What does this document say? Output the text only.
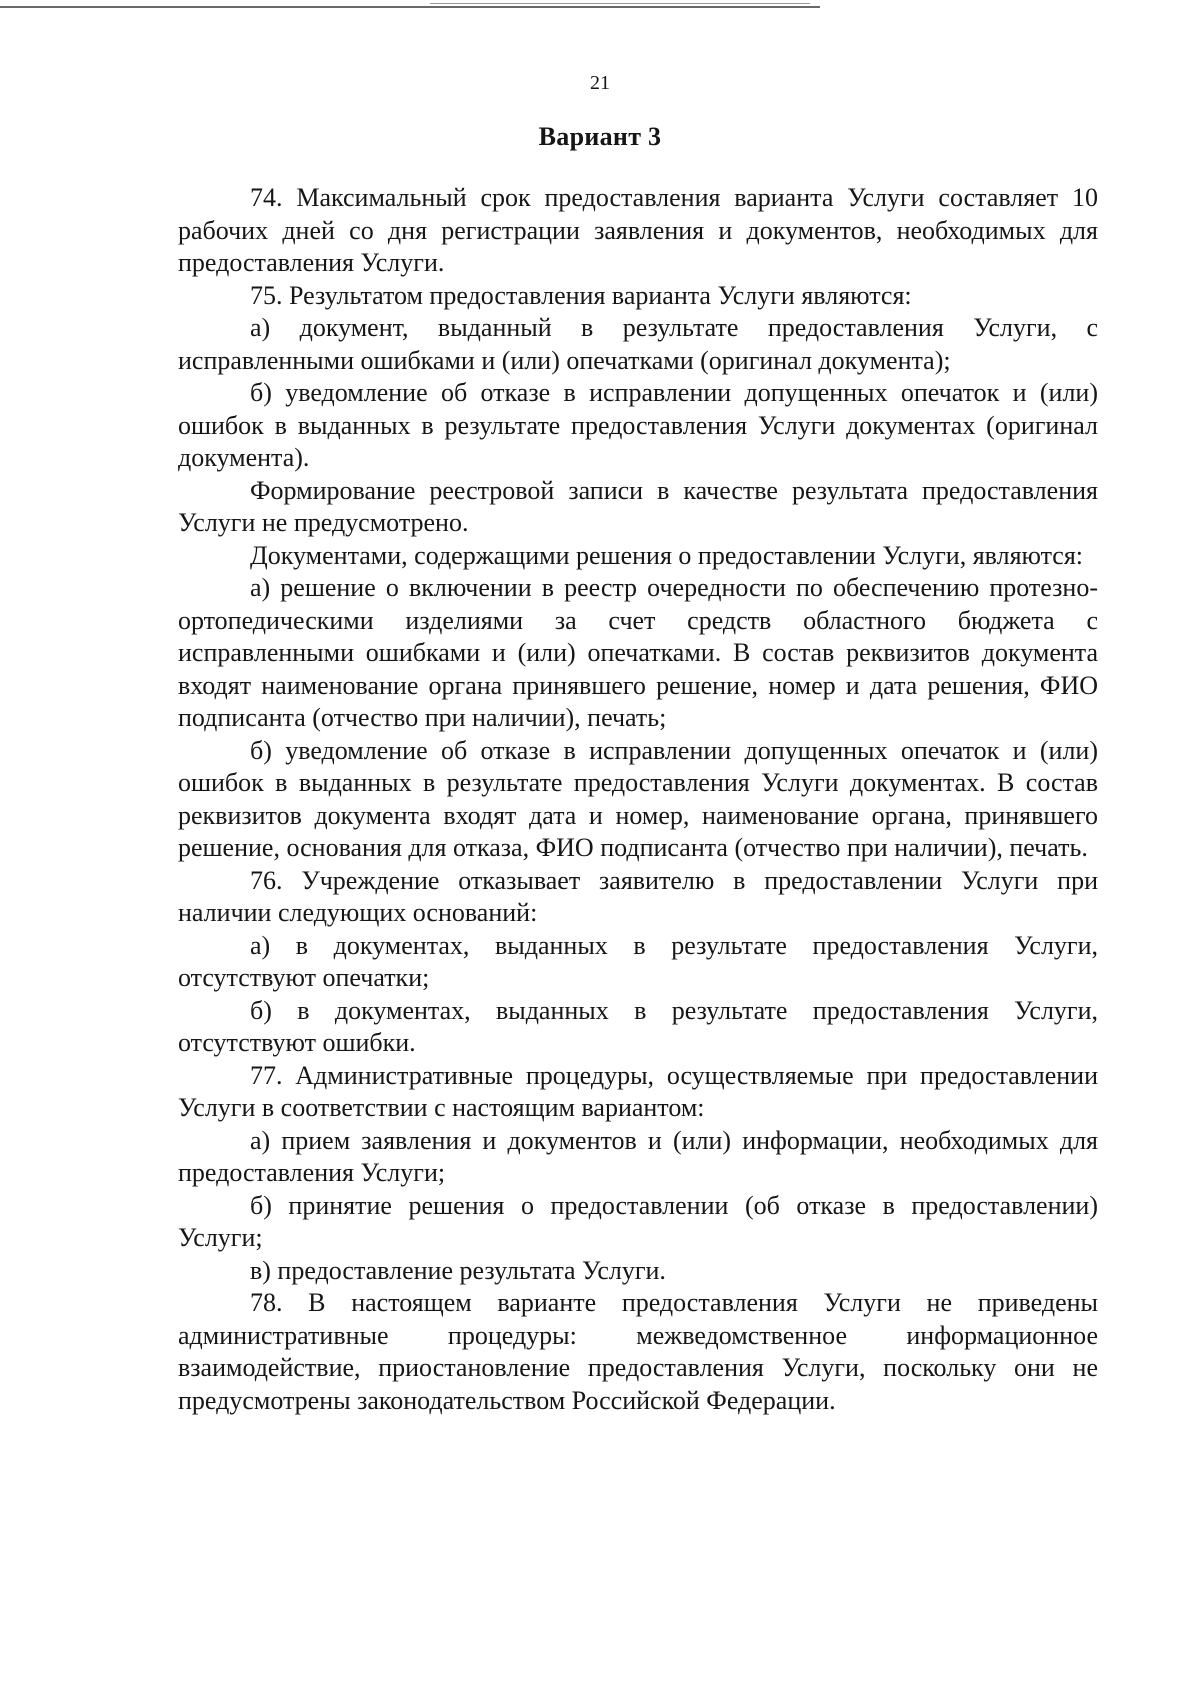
21
Вариант 3

74. Максимальный срок предоставления варианта Услуги составляет 10 рабочих дней со дня регистрации заявления и документов, необходимых для предоставления Услуги.

75. Результатом предоставления варианта Услуги являются:

а) документ, выданный в результате предоставления Услуги, с исправленными ошибками и (или) опечатками (оригинал документа);

б) уведомление об отказе в исправлении допущенных опечаток и (или) ошибок в выданных в результате предоставления Услуги документах (оригинал документа).

Формирование реестровой записи в качестве результата предоставления Услуги не предусмотрено.

Документами, содержащими решения о предоставлении Услуги, являются:

а) решение о включении в реестр очередности по обеспечению протезно-ортопедическими изделиями за счет средств областного бюджета с исправленными ошибками и (или) опечатками. В состав реквизитов документа входят наименование органа принявшего решение, номер и дата решения, ФИО подписанта (отчество при наличии), печать;

б) уведомление об отказе в исправлении допущенных опечаток и (или) ошибок в выданных в результате предоставления Услуги документах. В состав реквизитов документа входят дата и номер, наименование органа, принявшего решение, основания для отказа, ФИО подписанта (отчество при наличии), печать.

76. Учреждение отказывает заявителю в предоставлении Услуги при наличии следующих оснований:

а) в документах, выданных в результате предоставления Услуги, отсутствуют опечатки;

б) в документах, выданных в результате предоставления Услуги, отсутствуют ошибки.

77. Административные процедуры, осуществляемые при предоставлении Услуги в соответствии с настоящим вариантом:

а) прием заявления и документов и (или) информации, необходимых для предоставления Услуги;

б) принятие решения о предоставлении (об отказе в предоставлении) Услуги;

в) предоставление результата Услуги.

78. В настоящем варианте предоставления Услуги не приведены административные процедуры: межведомственное информационное взаимодействие, приостановление предоставления Услуги, поскольку они не предусмотрены законодательством Российской Федерации.
